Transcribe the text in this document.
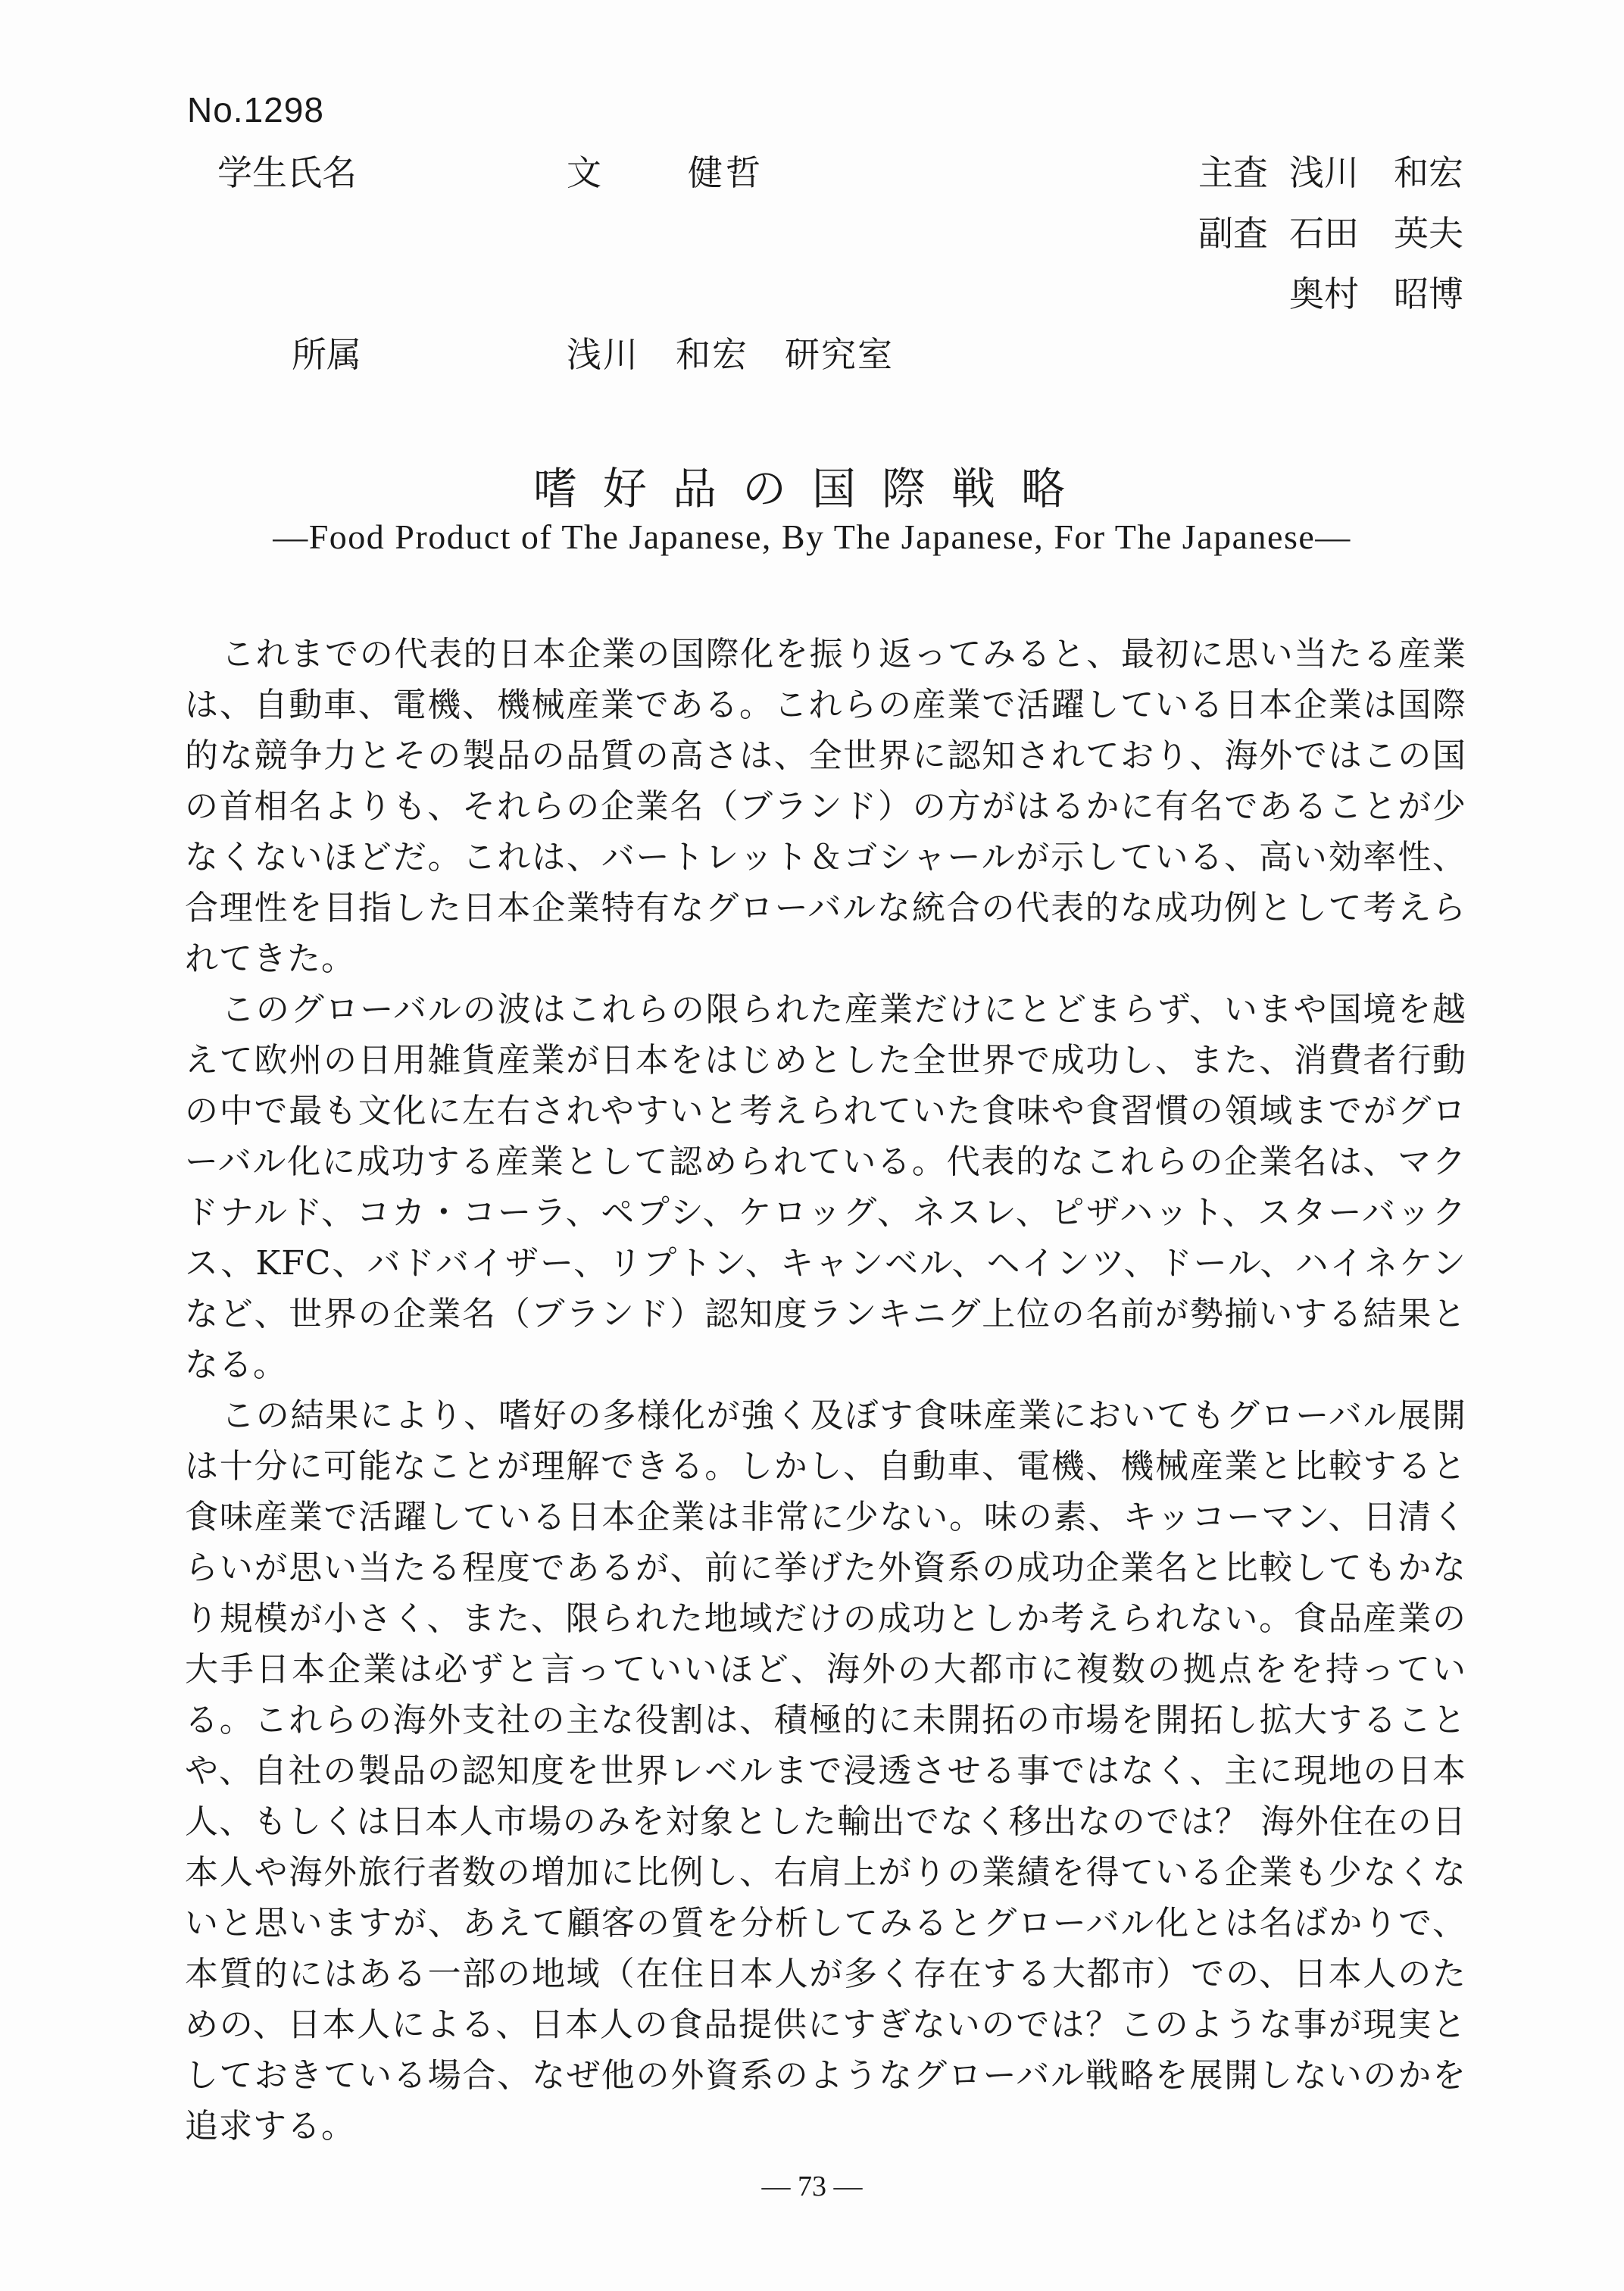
No.1298
学生氏名	文 健哲	主査 浅川　和宏
副査 石田　英夫
奥村　昭博
所属	浅川　和宏　研究室
嗜好品の国際戦略
—Food Product of The Japanese, By The Japanese, For The Japanese—

これまでの代表的日本企業の国際化を振り返ってみると、最初に思い当たる産業は、自動車、電機、機械産業である。これらの産業で活躍している日本企業は国際的な競争力とその製品の品質の高さは、全世界に認知されており、海外ではこの国の首相名よりも、それらの企業名（ブランド）の方がはるかに有名であることが少なくないほどだ。これは、バートレット＆ゴシャールが示している、高い効率性、合理性を目指した日本企業特有なグローバルな統合の代表的な成功例として考えられてきた。

このグローバルの波はこれらの限られた産業だけにとどまらず、いまや国境を越えて欧州の日用雑貨産業が日本をはじめとした全世界で成功し、また、消費者行動の中で最も文化に左右されやすいと考えられていた食味や食習慣の領域までがグローバル化に成功する産業として認められている。代表的なこれらの企業名は、マクドナルド、コカ・コーラ、ペプシ、ケロッグ、ネスレ、ピザハット、スターバックス、KFC、バドバイザー、リプトン、キャンベル、ヘインツ、ドール、ハイネケンなど、世界の企業名（ブランド）認知度ランキニグ上位の名前が勢揃いする結果となる。

この結果により、嗜好の多様化が強く及ぼす食味産業においてもグローバル展開は十分に可能なことが理解できる。しかし、自動車、電機、機械産業と比較すると食味産業で活躍している日本企業は非常に少ない。味の素、キッコーマン、日清くらいが思い当たる程度であるが、前に挙げた外資系の成功企業名と比較してもかなり規模が小さく、また、限られた地域だけの成功としか考えられない。食品産業の大手日本企業は必ずと言っていいほど、海外の大都市に複数の拠点をを持っている。これらの海外支社の主な役割は、積極的に未開拓の市場を開拓し拡大することや、自社の製品の認知度を世界レベルまで浸透させる事ではなく、主に現地の日本人、もしくは日本人市場のみを対象とした輸出でなく移出なのでは？ 海外住在の日本人や海外旅行者数の増加に比例し、右肩上がりの業績を得ている企業も少なくないと思いますが、あえて顧客の質を分析してみるとグローバル化とは名ばかりで、本質的にはある一部の地域（在住日本人が多く存在する大都市）での、日本人のための、日本人による、日本人の食品提供にすぎないのでは？このような事が現実としておきている場合、なぜ他の外資系のようなグローバル戦略を展開しないのかを追求する。

— 73 —
